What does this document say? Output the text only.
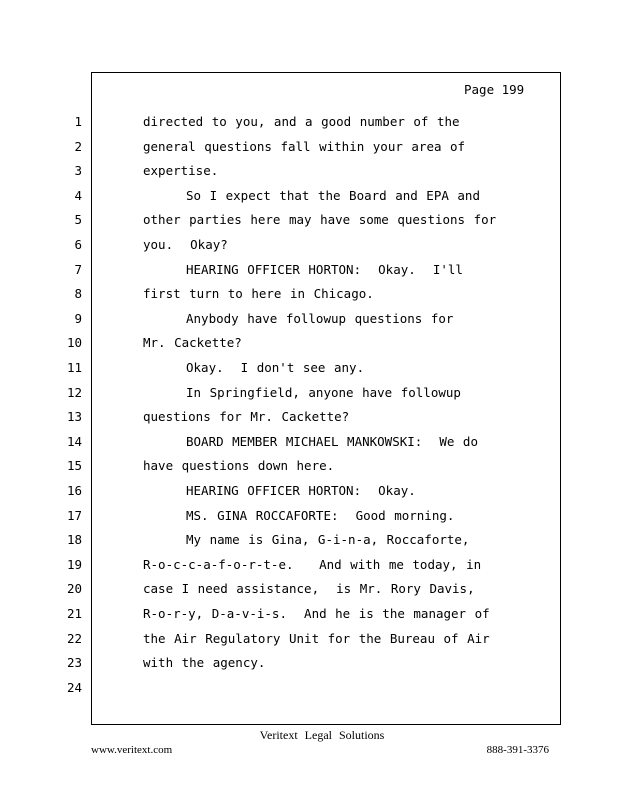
Page 199
1	directed to you, and a good number of the
2	general questions fall within your area of
3	expertise.
4	So I expect that the Board and EPA and
5	other parties here may have some questions for
6	you.  Okay?
7	HEARING OFFICER HORTON:  Okay.  I'll
8	first turn to here in Chicago.
9	Anybody have followup questions for
10	Mr. Cackette?
11	Okay.  I don't see any.
12	In Springfield, anyone have followup
13	questions for Mr. Cackette?
14	BOARD MEMBER MICHAEL MANKOWSKI:  We do
15	have questions down here.
16	HEARING OFFICER HORTON:  Okay.
17	MS. GINA ROCCAFORTE:  Good morning.
18	My name is Gina, G-i-n-a, Roccaforte,
19	R-o-c-c-a-f-o-r-t-e.   And with me today, in
20	case I need assistance,  is Mr. Rory Davis,
21	R-o-r-y, D-a-v-i-s.  And he is the manager of
22	the Air Regulatory Unit for the Bureau of Air
23	with the agency.
24
Veritext Legal Solutions
www.veritext.com	888-391-3376
